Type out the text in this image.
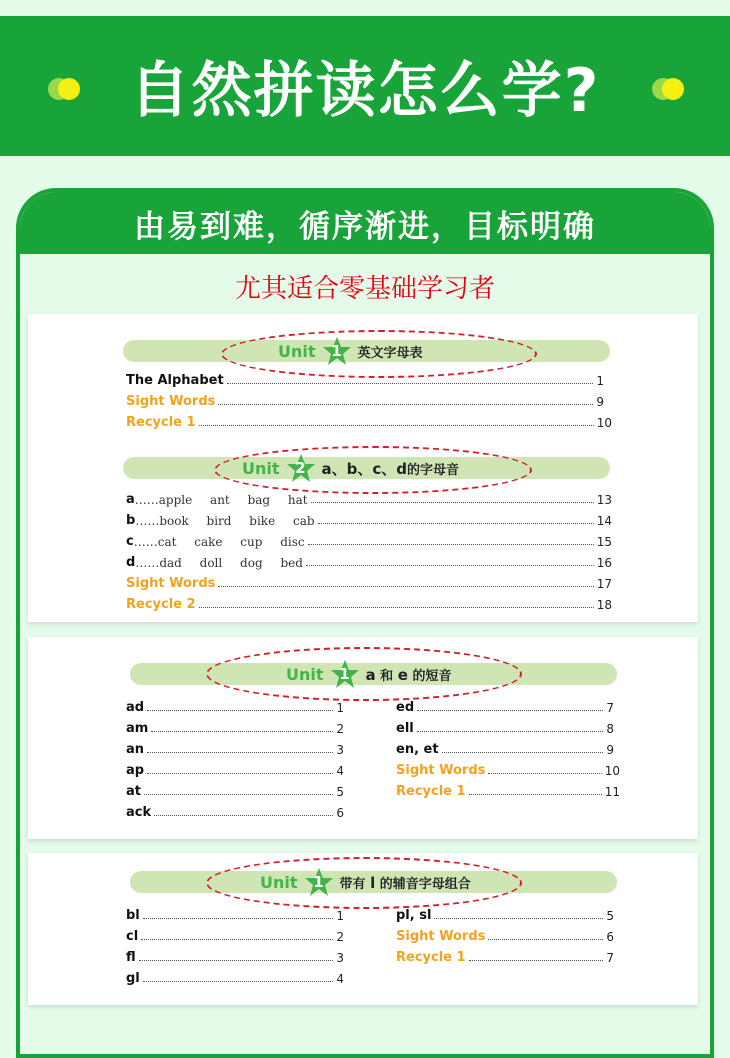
自然拼读怎么学?
由易到难，循序渐进，目标明确
尤其适合零基础学习者
Unit	1	英文字母表
The Alphabet	1
Sight Words	9
Recycle 1	10
Unit	2	a、b、c、d的字母音
a …… apple ant bag hat	13
b …… book bird bike cab	14
c …… cat cake cup disc	15
d …… dad doll dog bed	16
Sight Words	17
Recycle 2	18
Unit	1	a 和 e 的短音
ad	1
am	2
an	3
ap	4
at	5
ack	6
ed	7
ell	8
en, et	9
Sight Words	10
Recycle 1	11
Unit	1	带有 l 的辅音字母组合
bl	1
cl	2
fl	3
gl	4
pl, sl	5
Sight Words	6
Recycle 1	7
